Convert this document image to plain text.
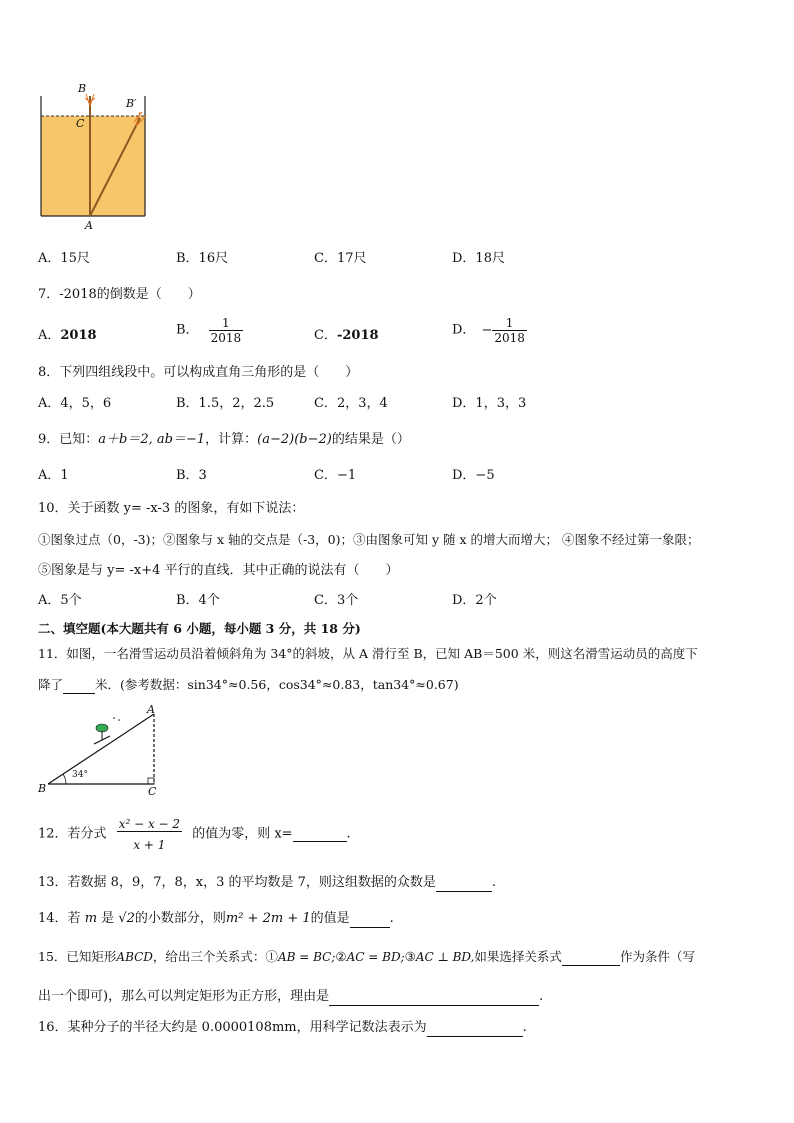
B
B′
C
A
A．15尺	B．16尺	C．17尺	D．18尺
7．-2018的倒数是（　　）
A．2018	B． $\frac{1}{2018}$	C．-2018	D． − $\frac{1}{2018}$
8．下列四组线段中。可以构成直角三角形的是（　　）
A．4，5，6	B．1.5，2，2.5	C．2，3，4	D．1，3，3
9．已知：a＋b＝2, ab＝−1，计算：(a−2)(b−2)的结果是（）
A．1	B．3	C．−1	D．−5
10．关于函数 y= -x-3 的图象，有如下说法：
①图象过点（0，-3)；②图象与 x 轴的交点是（-3，0)；③由图象可知 y 随 x 的增大而增大； ④图象不经过第一象限；
⑤图象是与 y= -x+4 平行的直线．其中正确的说法有（　　）
A．5个	B．4个	C．3个	D．2个
二、填空题(本大题共有 6 小题，每小题 3 分，共 18 分)
11．如图，一名滑雪运动员沿着倾斜角为 34°的斜坡，从 A 滑行至 B，已知 AB＝500 米，则这名滑雪运动员的高度下
降了	米．(参考数据：sin34°≈0.56，cos34°≈0.83，tan34°≈0.67)
A
B	C
34°
12．若分式 $\frac{\text{x² − x − 2}}{x + 1}$ 的值为零，则 x=	.
13．若数据 8，9，7，8，x，3 的平均数是 7，则这组数据的众数是	.
14．若 m 是 √2的小数部分，则m² + 2m + 1的值是	.
15．已知矩形ABCD，给出三个关系式：①AB = BC;②AC = BD;③AC ⊥ BD,如果选择关系式	作为条件（写
出一个即可)，那么可以判定矩形为正方形，理由是	.
16．某种分子的半径大约是 0.0000108mm，用科学记数法表示为	.
